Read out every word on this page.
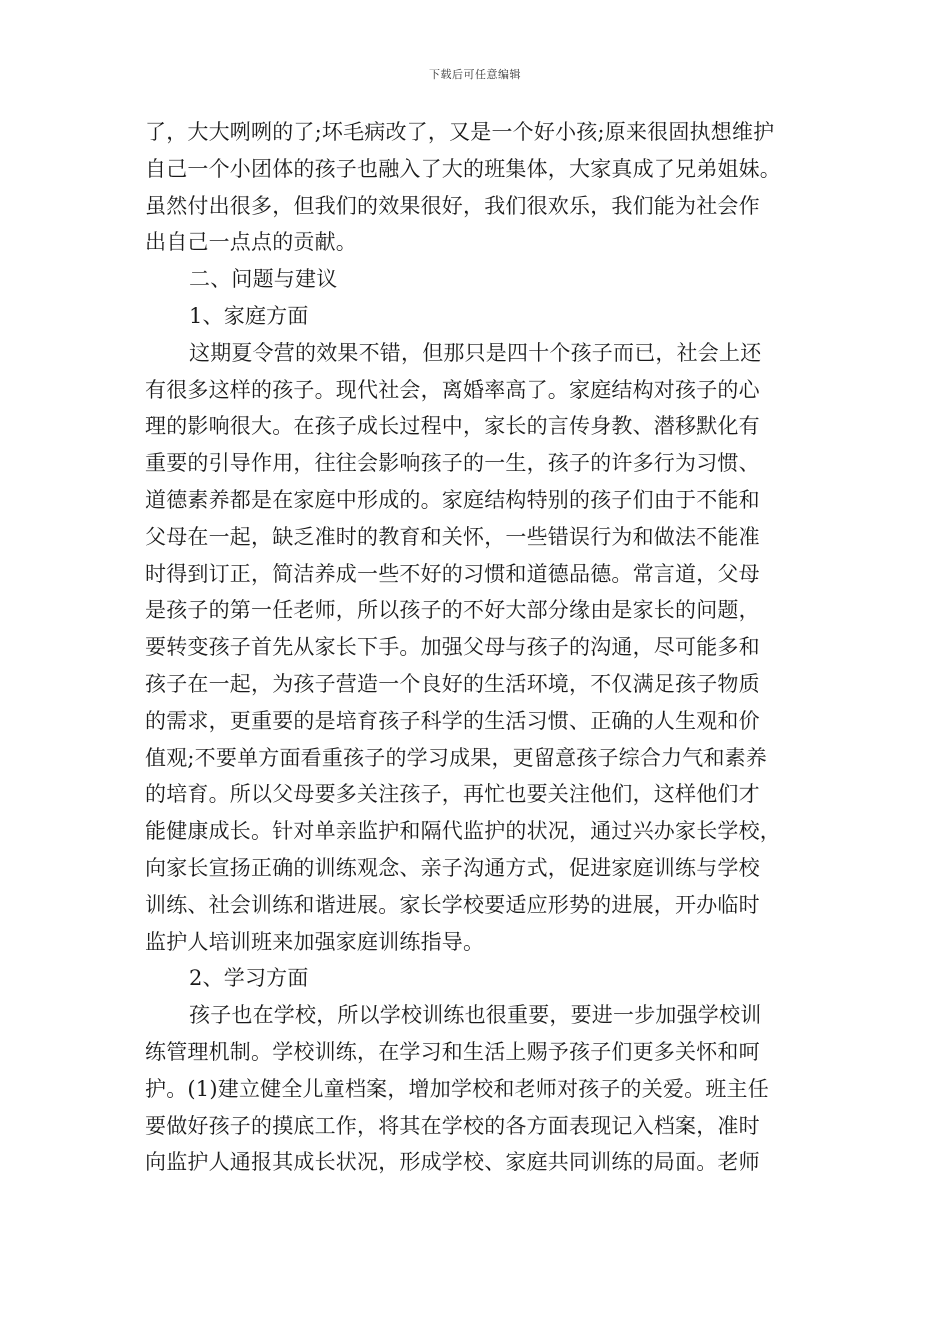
下载后可任意编辑
了，大大咧咧的了;坏毛病改了，又是一个好小孩;原来很固执想维护
自己一个小团体的孩子也融入了大的班集体，大家真成了兄弟姐妹。
虽然付出很多，但我们的效果很好，我们很欢乐，我们能为社会作
出自己一点点的贡献。
二、问题与建议
1、家庭方面
这期夏令营的效果不错，但那只是四十个孩子而已，社会上还
有很多这样的孩子。现代社会，离婚率高了。家庭结构对孩子的心
理的影响很大。在孩子成长过程中，家长的言传身教、潜移默化有
重要的引导作用，往往会影响孩子的一生，孩子的许多行为习惯、
道德素养都是在家庭中形成的。家庭结构特别的孩子们由于不能和
父母在一起，缺乏准时的教育和关怀，一些错误行为和做法不能准
时得到订正，简洁养成一些不好的习惯和道德品德。常言道，父母
是孩子的第一任老师，所以孩子的不好大部分缘由是家长的问题，
要转变孩子首先从家长下手。加强父母与孩子的沟通，尽可能多和
孩子在一起，为孩子营造一个良好的生活环境，不仅满足孩子物质
的需求，更重要的是培育孩子科学的生活习惯、正确的人生观和价
值观;不要单方面看重孩子的学习成果，更留意孩子综合力气和素养
的培育。所以父母要多关注孩子，再忙也要关注他们，这样他们才
能健康成长。针对单亲监护和隔代监护的状况，通过兴办家长学校，
向家长宣扬正确的训练观念、亲子沟通方式，促进家庭训练与学校
训练、社会训练和谐进展。家长学校要适应形势的进展，开办临时
监护人培训班来加强家庭训练指导。
2、学习方面
孩子也在学校，所以学校训练也很重要，要进一步加强学校训
练管理机制。学校训练，在学习和生活上赐予孩子们更多关怀和呵
护。(1)建立健全儿童档案，增加学校和老师对孩子的关爱。班主任
要做好孩子的摸底工作，将其在学校的各方面表现记入档案，准时
向监护人通报其成长状况，形成学校、家庭共同训练的局面。老师
